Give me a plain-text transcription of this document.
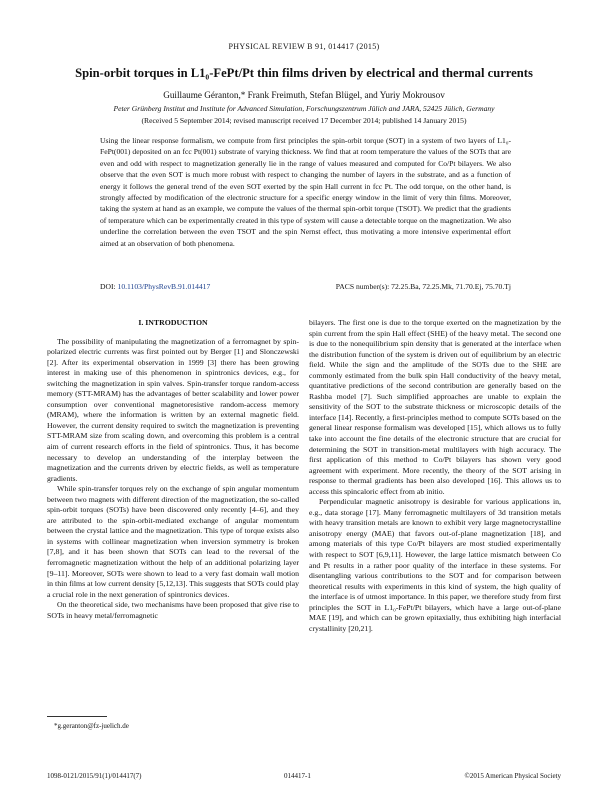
PHYSICAL REVIEW B 91, 014417 (2015)
Spin-orbit torques in L1₀-FePt/Pt thin films driven by electrical and thermal currents
Guillaume Géranton,* Frank Freimuth, Stefan Blügel, and Yuriy Mokrousov
Peter Grünberg Institut and Institute for Advanced Simulation, Forschungszentrum Jülich and JARA, 52425 Jülich, Germany
(Received 5 September 2014; revised manuscript received 17 December 2014; published 14 January 2015)
Using the linear response formalism, we compute from first principles the spin-orbit torque (SOT) in a system of two layers of L1₀-FePt(001) deposited on an fcc Pt(001) substrate of varying thickness. We find that at room temperature the values of the SOTs that are even and odd with respect to magnetization generally lie in the range of values measured and computed for Co/Pt bilayers. We also observe that the even SOT is much more robust with respect to changing the number of layers in the substrate, and as a function of energy it follows the general trend of the even SOT exerted by the spin Hall current in fcc Pt. The odd torque, on the other hand, is strongly affected by modification of the electronic structure for a specific energy window in the limit of very thin films. Moreover, taking the system at hand as an example, we compute the values of the thermal spin-orbit torque (TSOT). We predict that the gradients of temperature which can be experimentally created in this type of system will cause a detectable torque on the magnetization. We also underline the correlation between the even TSOT and the spin Nernst effect, thus motivating a more intensive experimental effort aimed at an observation of both phenomena.
DOI: 10.1103/PhysRevB.91.014417	PACS number(s): 72.25.Ba, 72.25.Mk, 71.70.Ej, 75.70.Tj
I. INTRODUCTION

The possibility of manipulating the magnetization of a ferromagnet by spin-polarized electric currents was first pointed out by Berger [1] and Slonczewski [2]. After its experimental observation in 1999 [3] there has been growing interest in making use of this phenomenon in spintronics devices, e.g., for switching the magnetization in spin valves. Spin-transfer torque random-access memory (STT-MRAM) has the advantages of better scalability and lower power consumption over conventional magnetoresistive random-access memory (MRAM), where the information is written by an external magnetic field. However, the current density required to switch the magnetization is preventing STT-MRAM size from scaling down, and overcoming this problem is a central aim of current research efforts in the field of spintronics. Thus, it has become necessary to develop an understanding of the interplay between the magnetization and the currents driven by electric fields, as well as temperature gradients.

While spin-transfer torques rely on the exchange of spin angular momentum between two magnets with different direction of the magnetization, the so-called spin-orbit torques (SOTs) have been discovered only recently [4–6], and they are attributed to the spin-orbit-mediated exchange of angular momentum between the crystal lattice and the magnetization. This type of torque exists also in systems with collinear magnetization when inversion symmetry is broken [7,8], and it has been shown that SOTs can lead to the reversal of the ferromagnetic magnetization without the help of an additional polarizing layer [9–11]. Moreover, SOTs were shown to lead to a very fast domain wall motion in thin films at low current density [5,12,13]. This suggests that SOTs could play a crucial role in the next generation of spintronics devices.

On the theoretical side, two mechanisms have been proposed that give rise to SOTs in heavy metal/ferromagnetic

bilayers. The first one is due to the torque exerted on the magnetization by the spin current from the spin Hall effect (SHE) of the heavy metal. The second one is due to the nonequilibrium spin density that is generated at the interface when the distribution function of the system is driven out of equilibrium by an electric field. While the sign and the amplitude of the SOTs due to the SHE are commonly estimated from the bulk spin Hall conductivity of the heavy metal, quantitative predictions of the second contribution are generally based on the Rashba model [7]. Such simplified approaches are unable to explain the sensitivity of the SOT to the substrate thickness or microscopic details of the interface [14]. Recently, a first-principles method to compute SOTs based on the general linear response formalism was developed [15], which allows us to fully take into account the fine details of the electronic structure that are crucial for determining the SOT in transition-metal multilayers with high accuracy. The first application of this method to Co/Pt bilayers has shown very good agreement with experiment. More recently, the theory of the SOT arising in response to thermal gradients has been also developed [16]. This allows us to access this spincaloric effect from ab initio.

Perpendicular magnetic anisotropy is desirable for various applications in, e.g., data storage [17]. Many ferromagnetic multilayers of 3d transition metals with heavy transition metals are known to exhibit very large magnetocrystalline anisotropy energy (MAE) that favors out-of-plane magnetization [18], and among materials of this type Co/Pt bilayers are most studied experimentally with respect to SOT [6,9,11]. However, the large lattice mismatch between Co and Pt results in a rather poor quality of the interface in these systems. For disentangling various contributions to the SOT and for comparison between theoretical results with experiments in this kind of system, the high quality of the interface is of utmost importance. In this paper, we therefore study from first principles the SOT in L1₀-FePt/Pt bilayers, which have a large out-of-plane MAE [19], and which can be grown epitaxially, thus exhibiting high interfacial crystallinity [20,21].

*g.geranton@fz-juelich.de
1098-0121/2015/91(1)/014417(7)	014417-1	©2015 American Physical Society
